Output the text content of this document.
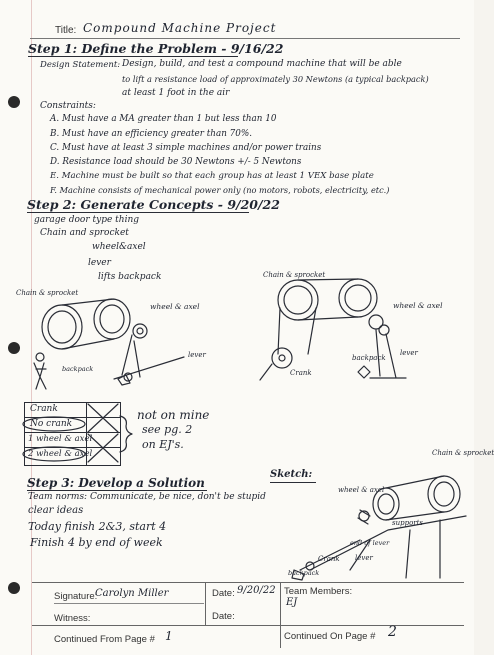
Title: Compound Machine Project
Step 1: Define the Problem - 9/16/22
Design Statement: Design, build, and test a compound machine that will be able
to lift a resistance load of approximately 30 Newtons (a typical backpack)
at least 1 foot in the air
Constraints:
A. Must have a MA greater than 1 but less than 10
B. Must have an efficiency greater than 70%.
C. Must have at least 3 simple machines and/or power trains
D. Resistance load should be 30 Newtons +/- 5 Newtons
E. Machine must be built so that each group has at least 1 VEX base plate
F. Machine consists of mechanical power only (no motors, robots, electricity, etc.)
Step 2: Generate Concepts - 9/20/22
garage door type thing
Chain and sprocket
wheel&axel
lever
lifts backpack
Chain & sprocket
wheel & axel
lever
backpack
Chain & sprocket
wheel & axel
Crank
backpack
lever
Crank
No crank
1 wheel & axel
2 wheel & axel
not on mine
see pg. 2
on EJ's.
Step 3: Develop a Solution
Team norms: Communicate, be nice, don't be stupid
clear ideas
Today finish 2&3, start 4
Finish 4 by end of week
Sketch:
Chain & sprocket
wheel & axel
supports
end of lever
Crank lever
backpack
Signature:
Carolyn Miller	Date: 9/20/22 Team Members:
EJ
Witness:	Date:
Continued From Page # 1	Continued On Page # 2
